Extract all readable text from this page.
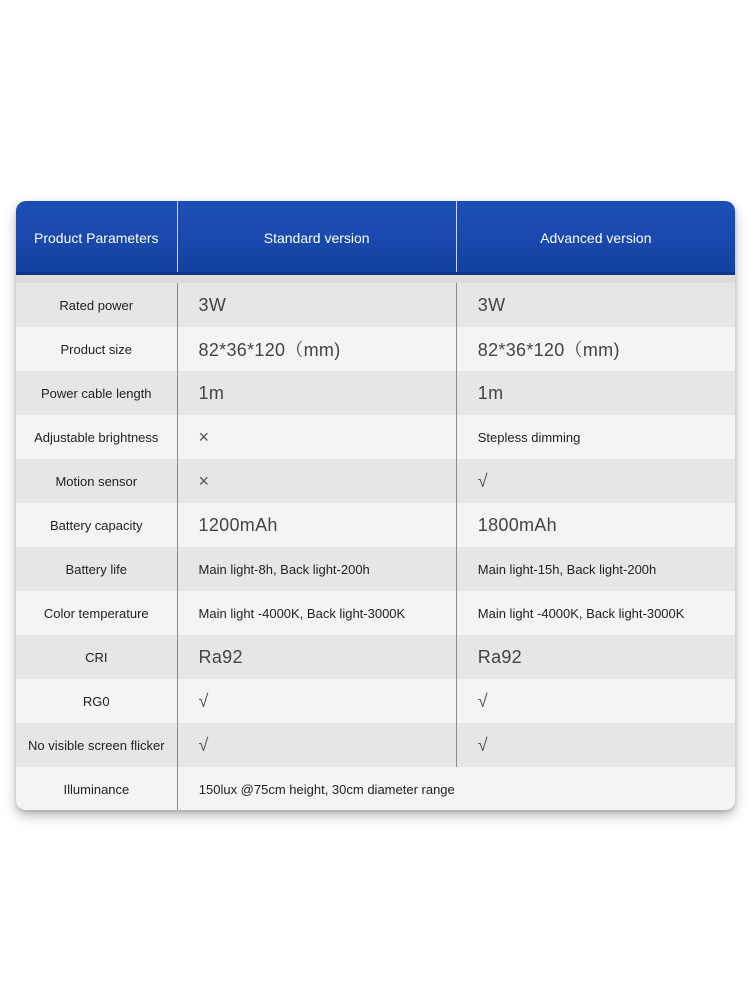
Product Parameters	Standard version	Advanced version
Rated power	3W	3W
Product size	82*36*120（mm)	82*36*120（mm)
Power cable length	1m	1m
Adjustable brightness	×	Stepless dimming
Motion sensor	×	√
Battery capacity	1200mAh	1800mAh
Battery life	Main light-8h, Back light-200h	Main light-15h, Back light-200h
Color temperature	Main light -4000K, Back light-3000K	Main light -4000K, Back light-3000K
CRI	Ra92	Ra92
RG0	√	√
No visible screen flicker	√	√
Illuminance	150lux @75cm height, 30cm diameter range
